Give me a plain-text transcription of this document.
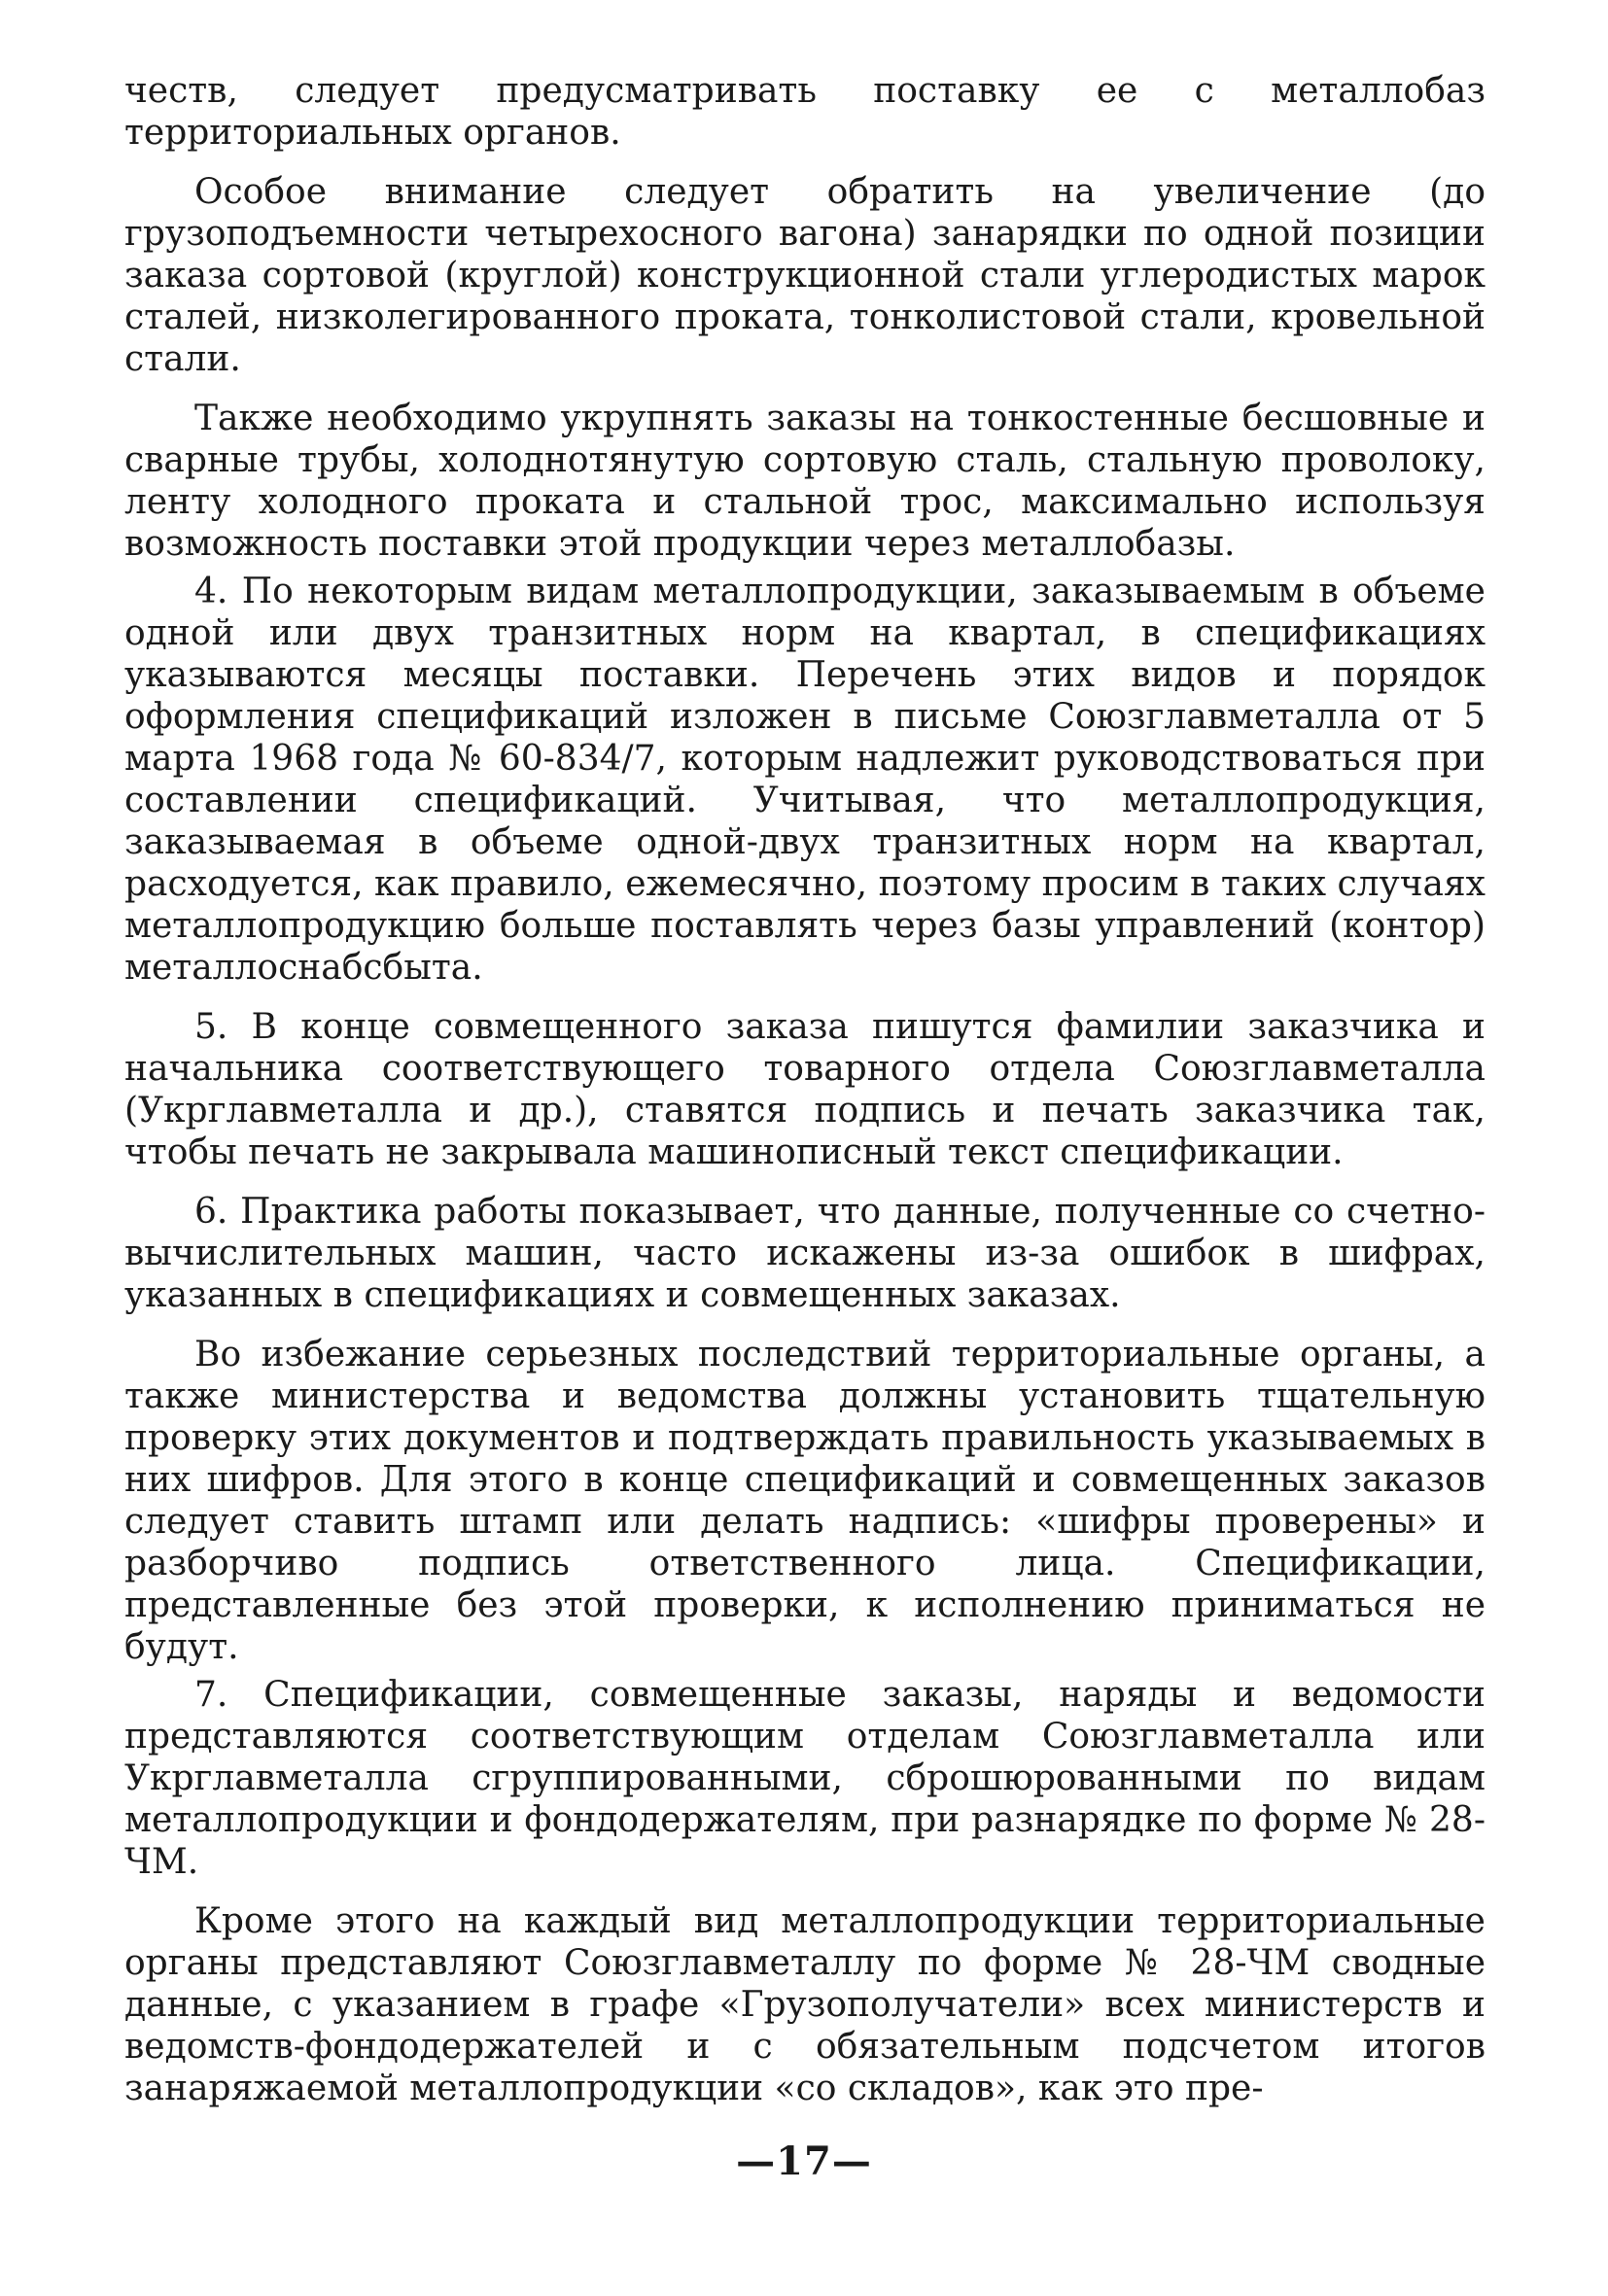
честв, следует предусматривать поставку ее с металлобаз территориальных органов.

Особое внимание следует обратить на увеличение (до грузоподъемности четырехосного вагона) занарядки по одной позиции заказа сортовой (круглой) конструкционной стали углеродистых марок сталей, низколегированного проката, тонколистовой стали, кровельной стали.

Также необходимо укрупнять заказы на тонкостенные бесшовные и сварные трубы, холоднотянутую сортовую сталь, стальную проволоку, ленту холодного проката и стальной трос, максимально используя возможность поставки этой продукции через металлобазы.

4. По некоторым видам металлопродукции, заказываемым в объеме одной или двух транзитных норм на квартал, в спецификациях указываются месяцы поставки. Перечень этих видов и порядок оформления спецификаций изложен в письме Союзглавметалла от 5 марта 1968 года № 60-834/7, которым надлежит руководствоваться при составлении спецификаций. Учитывая, что металлопродукция, заказываемая в объеме одной-двух транзитных норм на квартал, расходуется, как правило, ежемесячно, поэтому просим в таких случаях металлопродукцию больше поставлять через базы управлений (контор) металлоснабсбыта.

5. В конце совмещенного заказа пишутся фамилии заказчика и начальника соответствующего товарного отдела Союзглавметалла (Укрглавметалла и др.), ставятся подпись и печать заказчика так, чтобы печать не закрывала машинописный текст спецификации.

6. Практика работы показывает, что данные, полученные со счетно-вычислительных машин, часто искажены из-за ошибок в шифрах, указанных в спецификациях и совмещенных заказах.

Во избежание серьезных последствий территориальные органы, а также министерства и ведомства должны установить тщательную проверку этих документов и подтверждать правильность указываемых в них шифров. Для этого в конце спецификаций и совмещенных заказов следует ставить штамп или делать надпись: «шифры проверены» и разборчиво подпись ответственного лица. Спецификации, представленные без этой проверки, к исполнению приниматься не будут.

7. Спецификации, совмещенные заказы, наряды и ведомости представляются соответствующим отделам Союзглавметалла или Укрглавметалла сгруппированными, сброшюрованными по видам металлопродукции и фондодержателям, при разнарядке по форме № 28-ЧМ.

Кроме этого на каждый вид металлопродукции территориальные органы представляют Союзглавметаллу по форме № 28-ЧМ сводные данные, с указанием в графе «Грузополучатели» всех министерств и ведомств-фондодержателей и с обязательным подсчетом итогов занаряжаемой металлопродукции «со складов», как это пре-

—17—
